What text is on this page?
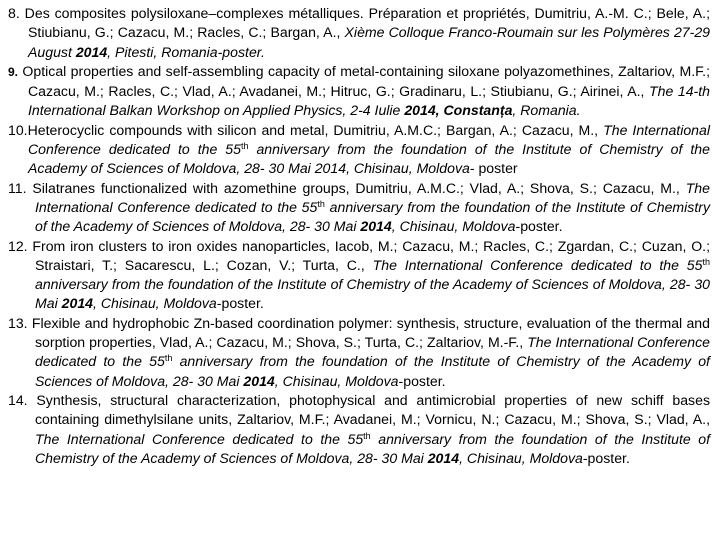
8. Des composites polysiloxane–complexes métalliques. Préparation et propriétés, Dumitriu, A.-M. C.; Bele, A.; Stiubianu, G.; Cazacu, M.; Racles, C.; Bargan, A., Xième Colloque Franco-Roumain sur les Polymères 27-29 August 2014, Pitesti, Romania-poster.

9. Optical properties and self-assembling capacity of metal-containing siloxane polyazomethines, Zaltariov, M.F.; Cazacu, M.; Racles, C.; Vlad, A.; Avadanei, M.; Hitruc, G.; Gradinaru, L.; Stiubianu, G.; Airinei, A., The 14-th International Balkan Workshop on Applied Physics, 2-4 Iulie 2014, Constanța, Romania.

10.Heterocyclic compounds with silicon and metal, Dumitriu, A.M.C.; Bargan, A.; Cazacu, M., The International Conference dedicated to the 55th anniversary from the foundation of the Institute of Chemistry of the Academy of Sciences of Moldova, 28- 30 Mai 2014, Chisinau, Moldova- poster

11. Silatranes functionalized with azomethine groups, Dumitriu, A.M.C.; Vlad, A.; Shova, S.; Cazacu, M., The International Conference dedicated to the 55th anniversary from the foundation of the Institute of Chemistry of the Academy of Sciences of Moldova, 28- 30 Mai 2014, Chisinau, Moldova-poster.

12. From iron clusters to iron oxides nanoparticles, Iacob, M.; Cazacu, M.; Racles, C.; Zgardan, C.; Cuzan, O.; Straistari, T.; Sacarescu, L.; Cozan, V.; Turta, C., The International Conference dedicated to the 55th anniversary from the foundation of the Institute of Chemistry of the Academy of Sciences of Moldova, 28- 30 Mai 2014, Chisinau, Moldova-poster.

13. Flexible and hydrophobic Zn-based coordination polymer: synthesis, structure, evaluation of the thermal and sorption properties, Vlad, A.; Cazacu, M.; Shova, S.; Turta, C.; Zaltariov, M.-F., The International Conference dedicated to the 55th anniversary from the foundation of the Institute of Chemistry of the Academy of Sciences of Moldova, 28- 30 Mai 2014, Chisinau, Moldova-poster.

14. Synthesis, structural characterization, photophysical and antimicrobial properties of new schiff bases containing dimethylsilane units, Zaltariov, M.F.; Avadanei, M.; Vornicu, N.; Cazacu, M.; Shova, S.; Vlad, A., The International Conference dedicated to the 55th anniversary from the foundation of the Institute of Chemistry of the Academy of Sciences of Moldova, 28- 30 Mai 2014, Chisinau, Moldova-poster.
